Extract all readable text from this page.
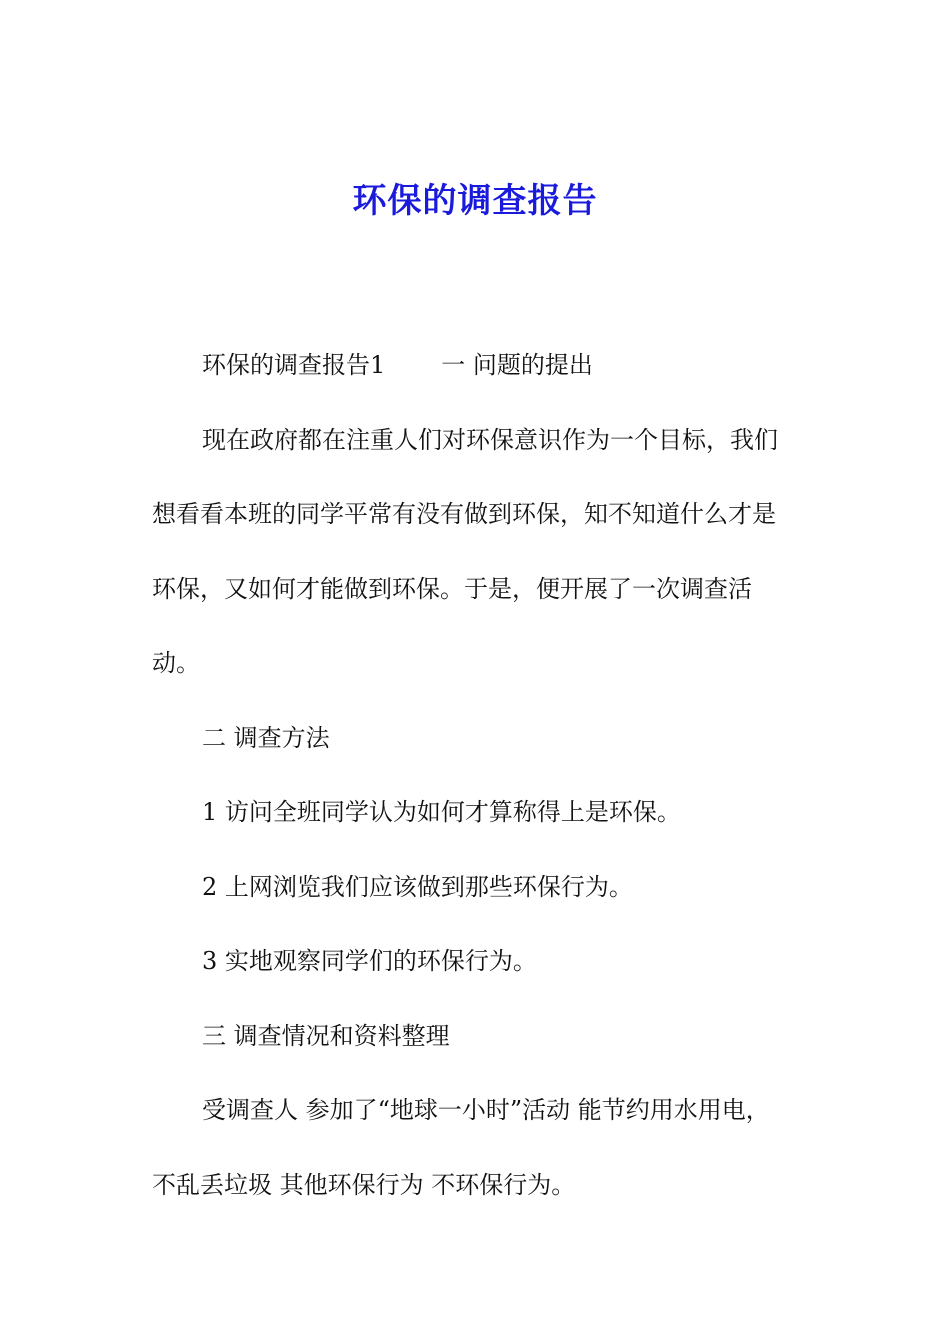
环保的调查报告

环保的调查报告1 一 问题的提出

现在政府都在注重人们对环保意识作为一个目标，我们想看看本班的同学平常有没有做到环保，知不知道什么才是环保，又如何才能做到环保。于是，便开展了一次调查活动。

二 调查方法

1 访问全班同学认为如何才算称得上是环保。

2 上网浏览我们应该做到那些环保行为。

3 实地观察同学们的环保行为。

三 调查情况和资料整理

受调查人 参加了“地球一小时”活动 能节约用水用电，不乱丢垃圾 其他环保行为 不环保行为。
